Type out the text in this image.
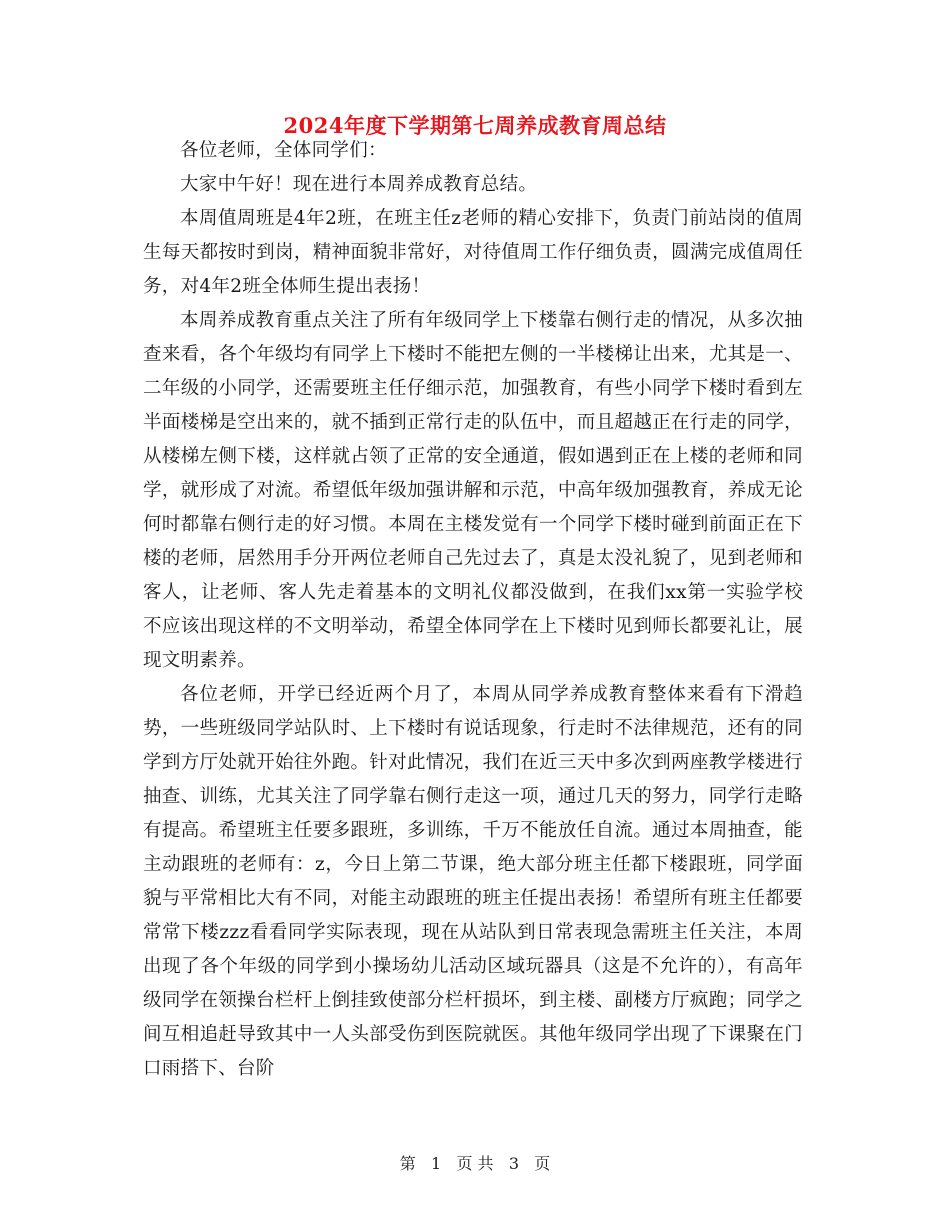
2024年度下学期第七周养成教育周总结

各位老师，全体同学们：

大家中午好！现在进行本周养成教育总结。

本周值周班是4年2班，在班主任z老师的精心安排下，负责门前站岗的值周生每天都按时到岗，精神面貌非常好，对待值周工作仔细负责，圆满完成值周任务，对4年2班全体师生提出表扬！

本周养成教育重点关注了所有年级同学上下楼靠右侧行走的情况，从多次抽查来看，各个年级均有同学上下楼时不能把左侧的一半楼梯让出来，尤其是一、二年级的小同学，还需要班主任仔细示范，加强教育，有些小同学下楼时看到左半面楼梯是空出来的，就不插到正常行走的队伍中，而且超越正在行走的同学，从楼梯左侧下楼，这样就占领了正常的安全通道，假如遇到正在上楼的老师和同学，就形成了对流。希望低年级加强讲解和示范，中高年级加强教育，养成无论何时都靠右侧行走的好习惯。本周在主楼发觉有一个同学下楼时碰到前面正在下楼的老师，居然用手分开两位老师自己先过去了，真是太没礼貌了，见到老师和客人，让老师、客人先走着基本的文明礼仪都没做到，在我们xx第一实验学校不应该出现这样的不文明举动，希望全体同学在上下楼时见到师长都要礼让，展现文明素养。

各位老师，开学已经近两个月了，本周从同学养成教育整体来看有下滑趋势，一些班级同学站队时、上下楼时有说话现象，行走时不法律规范，还有的同学到方厅处就开始往外跑。针对此情况，我们在近三天中多次到两座教学楼进行抽查、训练，尤其关注了同学靠右侧行走这一项，通过几天的努力，同学行走略有提高。希望班主任要多跟班，多训练，千万不能放任自流。通过本周抽查，能主动跟班的老师有：z，今日上第二节课，绝大部分班主任都下楼跟班，同学面貌与平常相比大有不同，对能主动跟班的班主任提出表扬！希望所有班主任都要常常下楼zzz看看同学实际表现，现在从站队到日常表现急需班主任关注，本周出现了各个年级的同学到小操场幼儿活动区域玩器具（这是不允许的），有高年级同学在领操台栏杆上倒挂致使部分栏杆损坏，到主楼、副楼方厅疯跑；同学之间互相追赶导致其中一人头部受伤到医院就医。其他年级同学出现了下课聚在门口雨搭下、台阶

第 1 页 共 3 页
